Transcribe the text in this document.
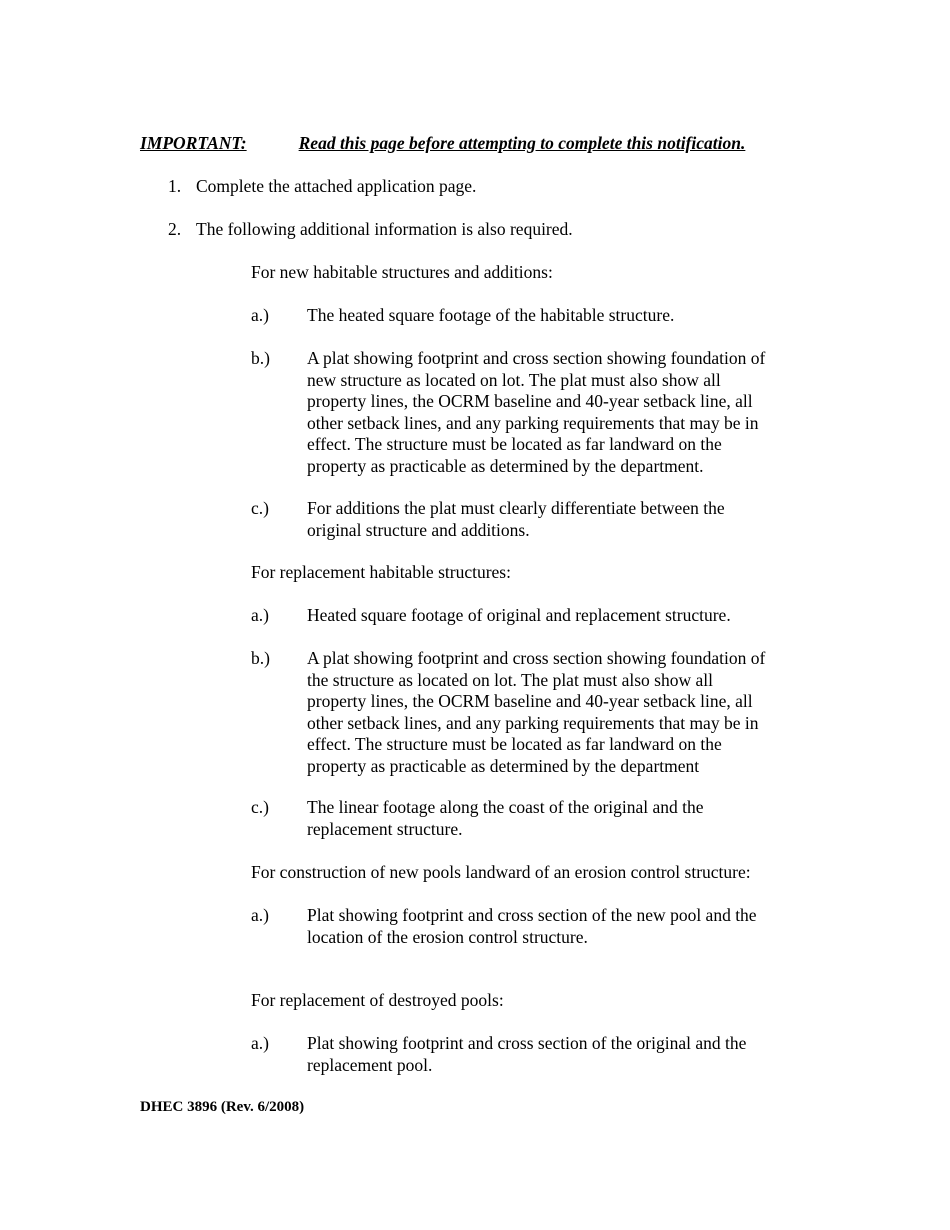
IMPORTANT:	Read this page before attempting to complete this notification.
1. Complete the attached application page.
2. The following additional information is also required.
For new habitable structures and additions:
a.) The heated square footage of the habitable structure.
b.) A plat showing footprint and cross section showing foundation of
new structure as located on lot. The plat must also show all
property lines, the OCRM baseline and 40-year setback line, all
other setback lines, and any parking requirements that may be in
effect. The structure must be located as far landward on the
property as practicable as determined by the department.
c.) For additions the plat must clearly differentiate between the
original structure and additions.
For replacement habitable structures:
a.) Heated square footage of original and replacement structure.
b.) A plat showing footprint and cross section showing foundation of
the structure as located on lot. The plat must also show all
property lines, the OCRM baseline and 40-year setback line, all
other setback lines, and any parking requirements that may be in
effect. The structure must be located as far landward on the
property as practicable as determined by the department
c.) The linear footage along the coast of the original and the
replacement structure.
For construction of new pools landward of an erosion control structure:
a.) Plat showing footprint and cross section of the new pool and the
location of the erosion control structure.
For replacement of destroyed pools:
a.) Plat showing footprint and cross section of the original and the
replacement pool.
DHEC 3896 (Rev. 6/2008)
